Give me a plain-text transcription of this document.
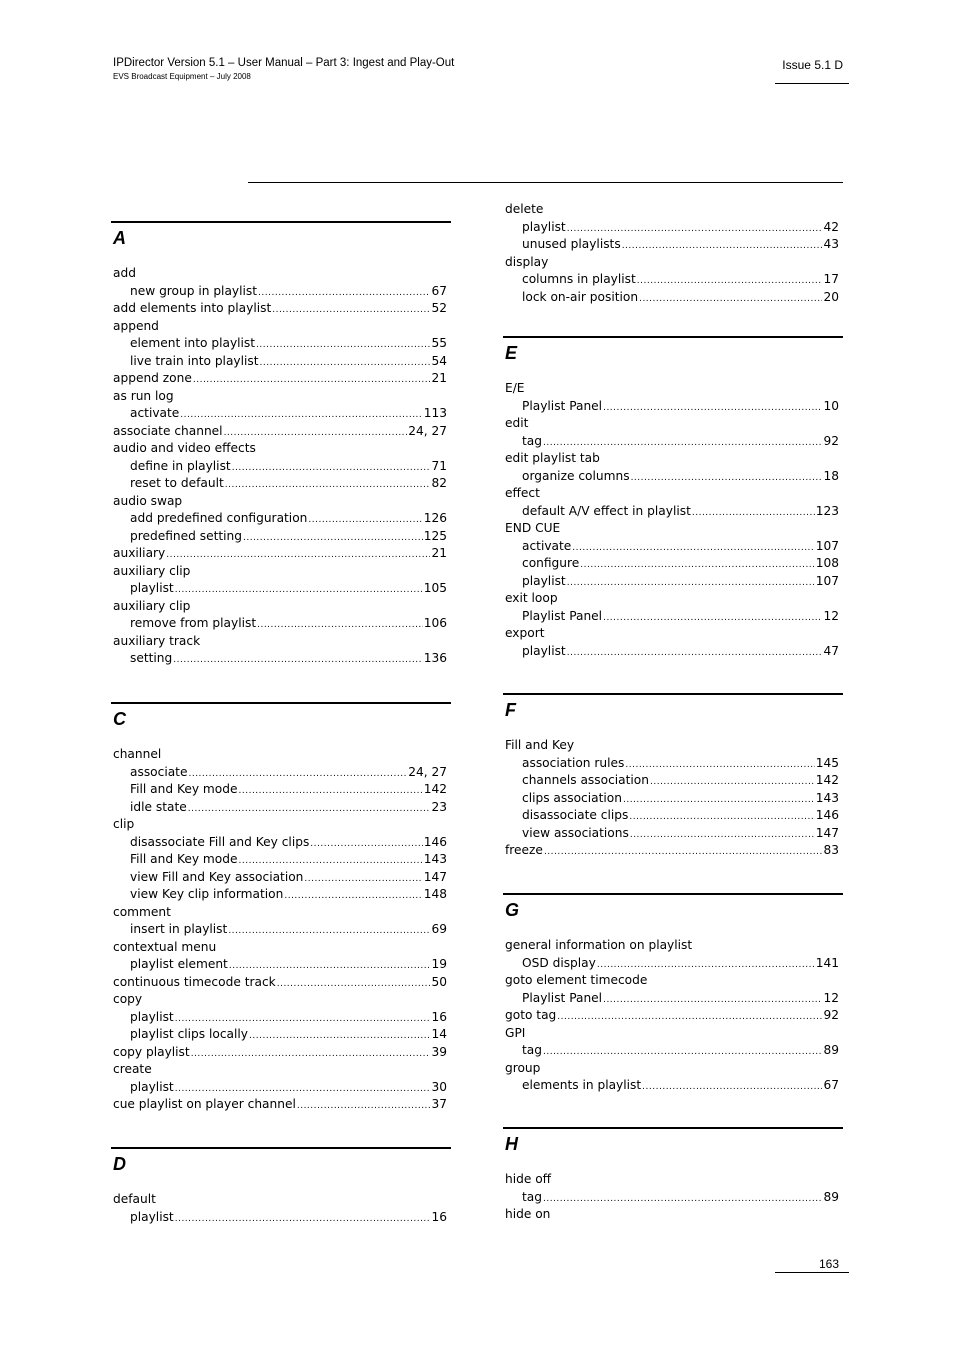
IPDirector Version 5.1 – User Manual – Part 3: Ingest and Play-Out
EVS Broadcast Equipment – July 2008
Issue 5.1 D
A
add
new group in playlist .....	67
add elements into playlist .....	52
append
element into playlist .....	55
live train into playlist .....	54
append zone .....	21
as run log
activate .....	113
associate channel .....	24, 27
audio and video effects
define in playlist .....	71
reset to default .....	82
audio swap
add predefined configuration .....	126
predefined setting .....	125
auxiliary .....	21
auxiliary clip
playlist .....	105
auxiliary clip
remove from playlist .....	106
auxiliary track
setting .....	136
C
channel
associate .....	24, 27
Fill and Key mode .....	142
idle state .....	23
clip
disassociate Fill and Key clips .....	146
Fill and Key mode .....	143
view Fill and Key association .....	147
view Key clip information .....	148
comment
insert in playlist .....	69
contextual menu
playlist element .....	19
continuous timecode track .....	50
copy
playlist .....	16
playlist clips locally .....	14
copy playlist .....	39
create
playlist .....	30
cue playlist on player channel .....	37
D
default
playlist .....	16
delete
playlist .....	42
unused playlists .....	43
display
columns in playlist .....	17
lock on-air position .....	20
E
E/E
Playlist Panel .....	10
edit
tag .....	92
edit playlist tab
organize columns .....	18
effect
default A/V effect in playlist .....	123
END CUE
activate .....	107
configure .....	108
playlist .....	107
exit loop
Playlist Panel .....	12
export
playlist .....	47
F
Fill and Key
association rules .....	145
channels association .....	142
clips association .....	143
disassociate clips .....	146
view associations .....	147
freeze .....	83
G
general information on playlist
OSD display .....	141
goto element timecode
Playlist Panel .....	12
goto tag .....	92
GPI
tag .....	89
group
elements in playlist .....	67
H
hide off
tag .....	89
hide on
163
